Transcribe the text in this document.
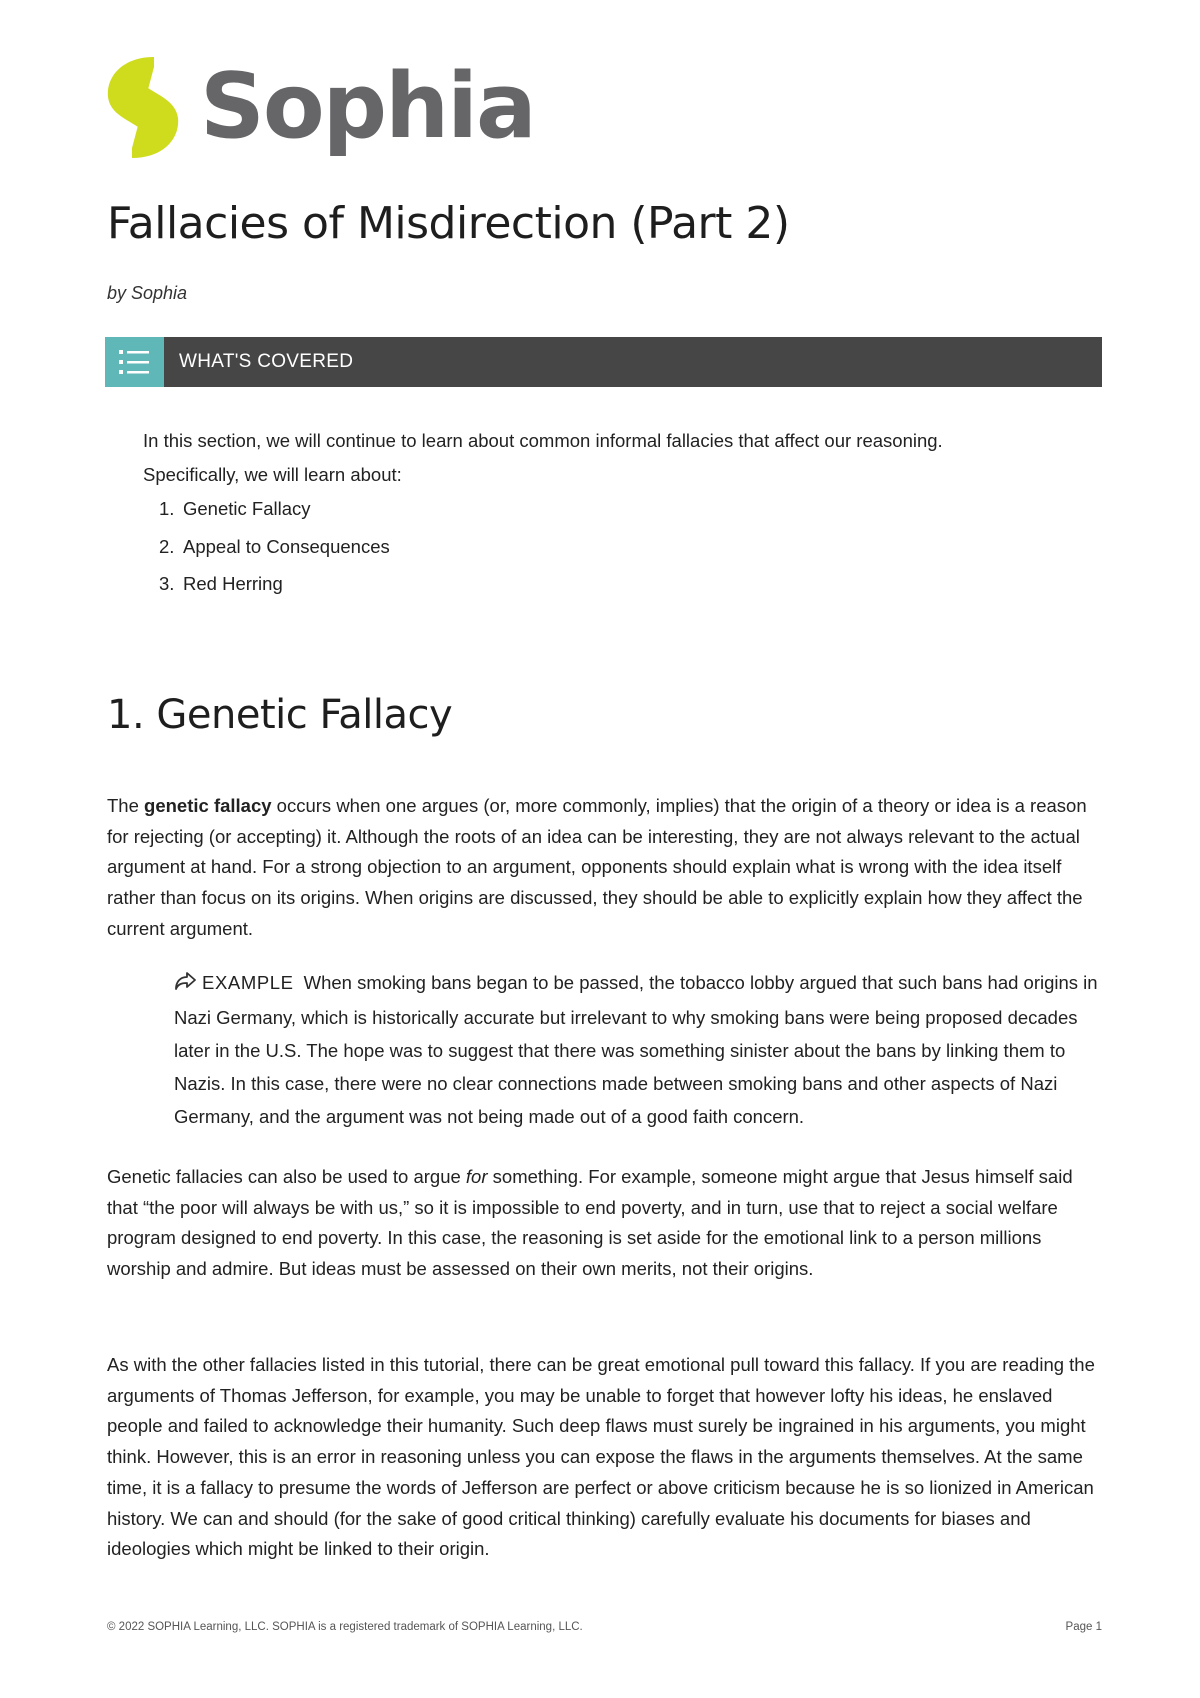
Sophia
Fallacies of Misdirection (Part 2)
by Sophia
WHAT'S COVERED

In this section, we will continue to learn about common informal fallacies that affect our reasoning.

Specifically, we will learn about:

1. Genetic Fallacy
2. Appeal to Consequences
3. Red Herring
1. Genetic Fallacy

The genetic fallacy occurs when one argues (or, more commonly, implies) that the origin of a theory or idea is a reason for rejecting (or accepting) it. Although the roots of an idea can be interesting, they are not always relevant to the actual argument at hand. For a strong objection to an argument, opponents should explain what is wrong with the idea itself rather than focus on its origins. When origins are discussed, they should be able to explicitly explain how they affect the current argument.

EXAMPLE When smoking bans began to be passed, the tobacco lobby argued that such bans had origins in Nazi Germany, which is historically accurate but irrelevant to why smoking bans were being proposed decades later in the U.S. The hope was to suggest that there was something sinister about the bans by linking them to Nazis. In this case, there were no clear connections made between smoking bans and other aspects of Nazi Germany, and the argument was not being made out of a good faith concern.

Genetic fallacies can also be used to argue for something. For example, someone might argue that Jesus himself said that “the poor will always be with us,” so it is impossible to end poverty, and in turn, use that to reject a social welfare program designed to end poverty. In this case, the reasoning is set aside for the emotional link to a person millions worship and admire. But ideas must be assessed on their own merits, not their origins.

As with the other fallacies listed in this tutorial, there can be great emotional pull toward this fallacy. If you are reading the arguments of Thomas Jefferson, for example, you may be unable to forget that however lofty his ideas, he enslaved people and failed to acknowledge their humanity. Such deep flaws must surely be ingrained in his arguments, you might think. However, this is an error in reasoning unless you can expose the flaws in the arguments themselves. At the same time, it is a fallacy to presume the words of Jefferson are perfect or above criticism because he is so lionized in American history. We can and should (for the sake of good critical thinking) carefully evaluate his documents for biases and ideologies which might be linked to their origin.

© 2022 SOPHIA Learning, LLC. SOPHIA is a registered trademark of SOPHIA Learning, LLC.	Page 1
